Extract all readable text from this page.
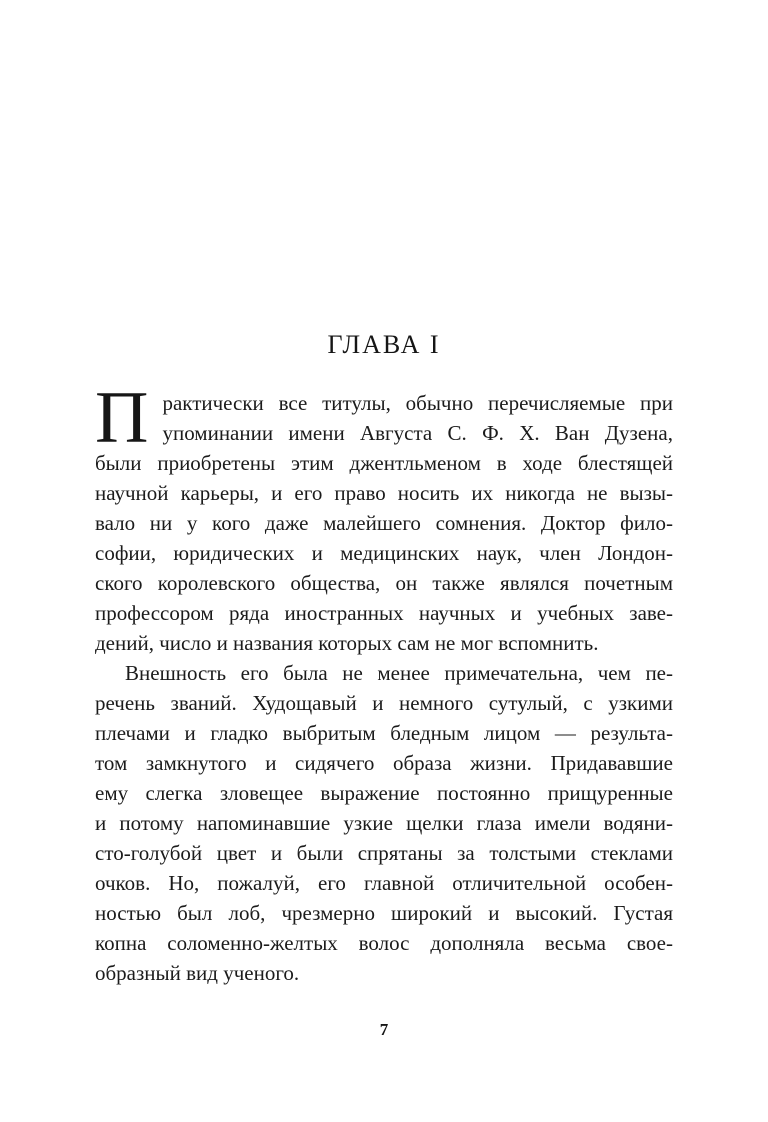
ГЛАВА I
П рактически все титулы, обычно перечисляемые при
упоминании имени Августа С. Ф. Х. Ван Дузена,
были приобретены этим джентльменом в ходе блестящей
научной карьеры, и его право носить их никогда не вызы-
вало ни у кого даже малейшего сомнения. Доктор фило-
софии, юридических и медицинских наук, член Лондон-
ского королевского общества, он также являлся почетным
профессором ряда иностранных научных и учебных заве-
дений, число и названия которых сам не мог вспомнить.
Внешность его была не менее примечательна, чем пе-
речень званий. Худощавый и немного сутулый, с узкими
плечами и гладко выбритым бледным лицом — результа-
том замкнутого и сидячего образа жизни. Придававшие
ему слегка зловещее выражение постоянно прищуренные
и потому напоминавшие узкие щелки глаза имели водяни-
сто-голубой цвет и были спрятаны за толстыми стеклами
очков. Но, пожалуй, его главной отличительной особен-
ностью был лоб, чрезмерно широкий и высокий. Густая
копна соломенно-желтых волос дополняла весьма свое-
образный вид ученого.
7
